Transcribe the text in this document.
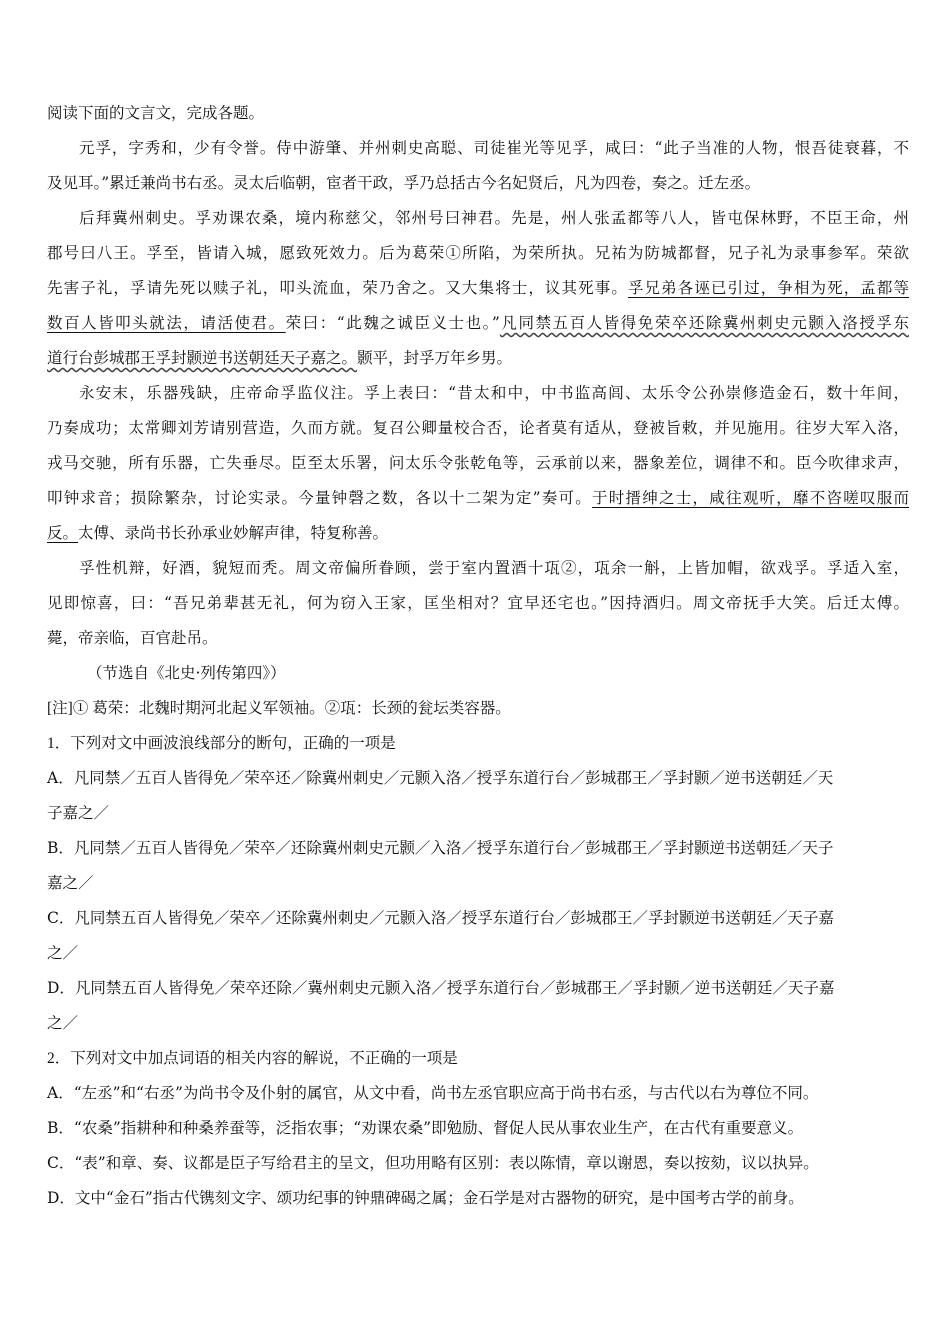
阅读下面的文言文，完成各题。
元孚，字秀和，少有令誉。侍中游肇、并州刺史高聪、司徒崔光等见孚，咸曰：“此子当准的人物，恨吾徒衰暮，不
及见耳。”累迁兼尚书右丞。灵太后临朝，宦者干政，孚乃总括古今名妃贤后，凡为四卷，奏之。迁左丞。
后拜冀州刺史。孚劝课农桑，境内称慈父，邻州号曰神君。先是，州人张孟都等八人，皆屯保林野，不臣王命，州
郡号曰八王。孚至，皆请入城，愿致死效力。后为葛荣①所陷，为荣所执。兄祐为防城都督，兄子礼为录事参军。荣欲
先害子礼，孚请先死以赎子礼，叩头流血，荣乃舍之。又大集将士，议其死事。孚兄弟各诬已引过，争相为死，孟都等
数百人皆叩头就法，请活使君。荣曰：“此魏之诚臣义士也。”凡同禁五百人皆得免荣卒还除冀州刺史元颢入洛授孚东
道行台彭城郡王孚封颢逆书送朝廷天子嘉之。颢平，封孚万年乡男。
永安末，乐器残缺，庄帝命孚监仪注。孚上表曰：“昔太和中，中书监高闾、太乐令公孙崇修造金石，数十年间，
乃奏成功；太常卿刘芳请别营造，久而方就。复召公卿量校合否，论者莫有适从，登被旨敕，并见施用。往岁大军入洛，
戎马交驰，所有乐器，亡失垂尽。臣至太乐署，问太乐令张乾龟等，云承前以来，器象差位，调律不和。臣今吹律求声，
叩钟求音；损除繁杂，讨论实录。今量钟磬之数，各以十二架为定”奏可。于时搢绅之士，咸往观听，靡不咨嗟叹服而
反。太傅、录尚书长孙承业妙解声律，特复称善。
孚性机辩，好酒，貌短而秃。周文帝偏所眷顾，尝于室内置酒十瓨②，瓨余一斛，上皆加帽，欲戏孚。孚适入室，
见即惊喜，曰：“吾兄弟辈甚无礼，何为窃入王家，匡坐相对？宜早还宅也。”因持酒归。周文帝抚手大笑。后迁太傅。
薨，帝亲临，百官赴吊。
（节选自《北史·列传第四》）
[注]① 葛荣：北魏时期河北起义军领袖。②瓨：长颈的瓮坛类容器。
1．下列对文中画波浪线部分的断句，正确的一项是
A．凡同禁／五百人皆得免／荣卒还／除冀州刺史／元颢入洛／授孚东道行台／彭城郡王／孚封颢／逆书送朝廷／天
子嘉之／
B．凡同禁／五百人皆得免／荣卒／还除冀州刺史元颢／入洛／授孚东道行台／彭城郡王／孚封颢逆书送朝廷／天子
嘉之／
C．凡同禁五百人皆得免／荣卒／还除冀州刺史／元颢入洛／授孚东道行台／彭城郡王／孚封颢逆书送朝廷／天子嘉
之／
D．凡同禁五百人皆得免／荣卒还除／冀州刺史元颢入洛／授孚东道行台／彭城郡王／孚封颢／逆书送朝廷／天子嘉
之／
2．下列对文中加点词语的相关内容的解说，不正确的一项是
A．“左丞”和“右丞”为尚书令及仆射的属官，从文中看，尚书左丞官职应高于尚书右丞，与古代以右为尊位不同。
B．“农桑”指耕种和种桑养蚕等，泛指农事；“劝课农桑”即勉励、督促人民从事农业生产，在古代有重要意义。
C．“表”和章、奏、议都是臣子写给君主的呈文，但功用略有区别：表以陈情，章以谢恩，奏以按劾，议以执异。
D．文中“金石”指古代镌刻文字、颂功纪事的钟鼎碑碣之属；金石学是对古器物的研究，是中国考古学的前身。
